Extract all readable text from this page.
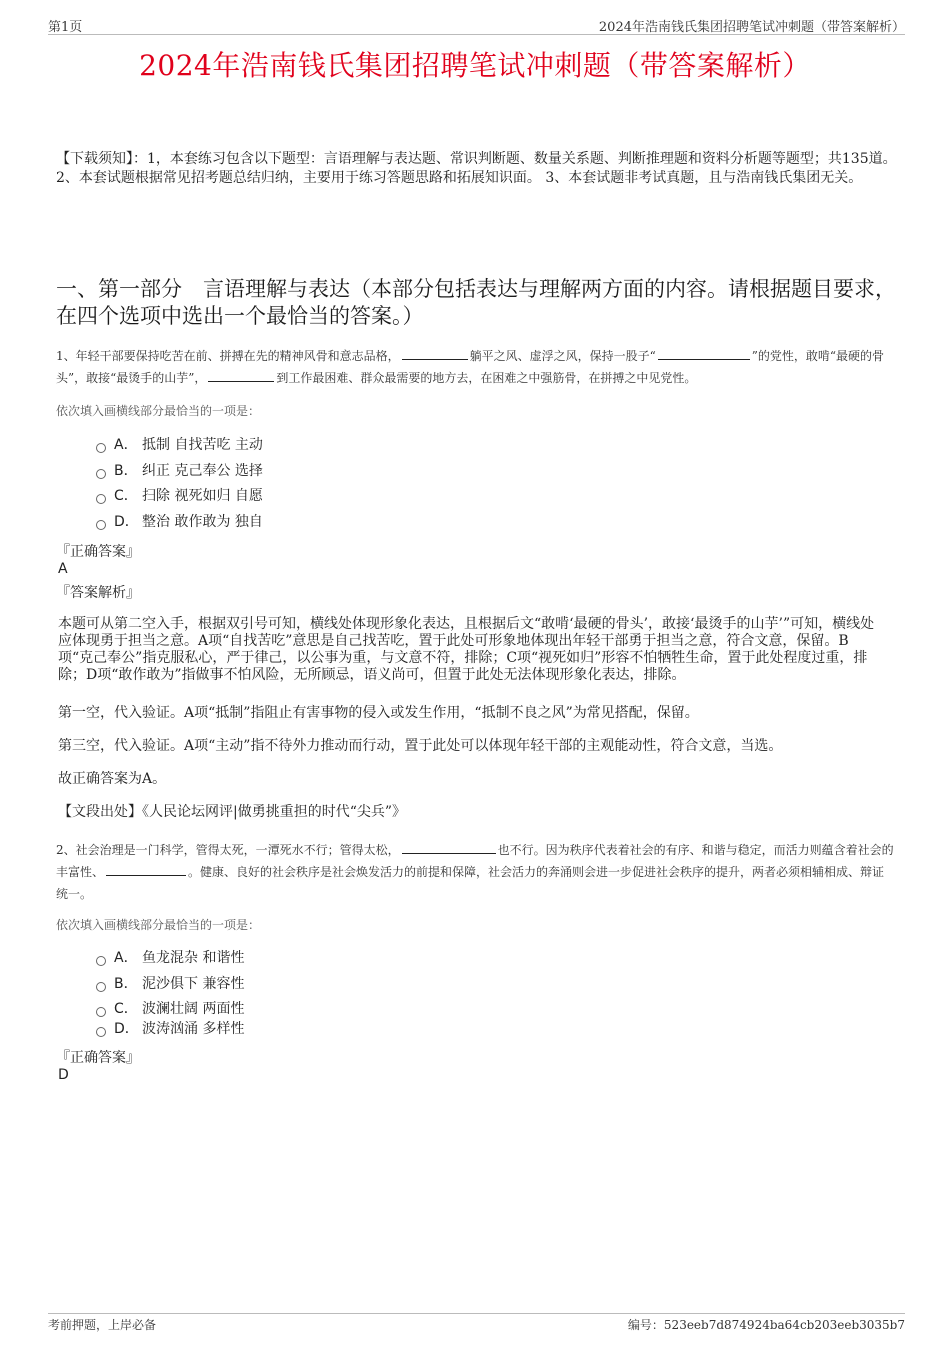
第1页	2024年浩南钱氏集团招聘笔试冲刺题（带答案解析）
2024年浩南钱氏集团招聘笔试冲刺题（带答案解析）
【下载须知】：1，本套练习包含以下题型：言语理解与表达题、常识判断题、数量关系题、判断推理题和资料分析题等题型；共135道。 2、本套试题根据常见招考题总结归纳，主要用于练习答题思路和拓展知识面。 3、本套试题非考试真题，且与浩南钱氏集团无关。
一、第一部分　言语理解与表达（本部分包括表达与理解两方面的内容。请根据题目要求，在四个选项中选出一个最恰当的答案。）
1、年轻干部要保持吃苦在前、拼搏在先的精神风骨和意志品格，	躺平之风、虚浮之风，保持一股子“	”的党性，敢啃“最硬的骨头”，敢接“最烫手的山芋”，	到工作最困难、群众最需要的地方去，在困难之中强筋骨，在拼搏之中见党性。
依次填入画横线部分最恰当的一项是：
A． 抵制 自找苦吃 主动
B． 纠正 克己奉公 选择
C． 扫除 视死如归 自愿
D． 整治 敢作敢为 独自
『正确答案』
A
『答案解析』
本题可从第二空入手，根据双引号可知，横线处体现形象化表达，且根据后文“敢啃‘最硬的骨头’，敢接‘最烫手的山芋’”可知，横线处应体现勇于担当之意。A项“自找苦吃”意思是自己找苦吃，置于此处可形象地体现出年轻干部勇于担当之意，符合文意，保留。B项“克己奉公”指克服私心，严于律己，以公事为重，与文意不符，排除；C项“视死如归”形容不怕牺牲生命，置于此处程度过重，排除；D项“敢作敢为”指做事不怕风险，无所顾忌，语义尚可，但置于此处无法体现形象化表达，排除。
第一空，代入验证。A项“抵制”指阻止有害事物的侵入或发生作用，“抵制不良之风”为常见搭配，保留。
第三空，代入验证。A项“主动”指不待外力推动而行动，置于此处可以体现年轻干部的主观能动性，符合文意，当选。
故正确答案为A。
【文段出处】《人民论坛网评|做勇挑重担的时代“尖兵”》
2、社会治理是一门科学，管得太死，一潭死水不行；管得太松，	也不行。因为秩序代表着社会的有序、和谐与稳定，而活力则蕴含着社会的丰富性、	。健康、良好的社会秩序是社会焕发活力的前提和保障，社会活力的奔涌则会进一步促进社会秩序的提升，两者必须相辅相成、辩证统一。
依次填入画横线部分最恰当的一项是：
A． 鱼龙混杂 和谐性
B． 泥沙俱下 兼容性
C． 波澜壮阔 两面性
D． 波涛汹涌 多样性
『正确答案』
D
考前押题，上岸必备	编号：523eeb7d874924ba64cb203eeb3035b7
